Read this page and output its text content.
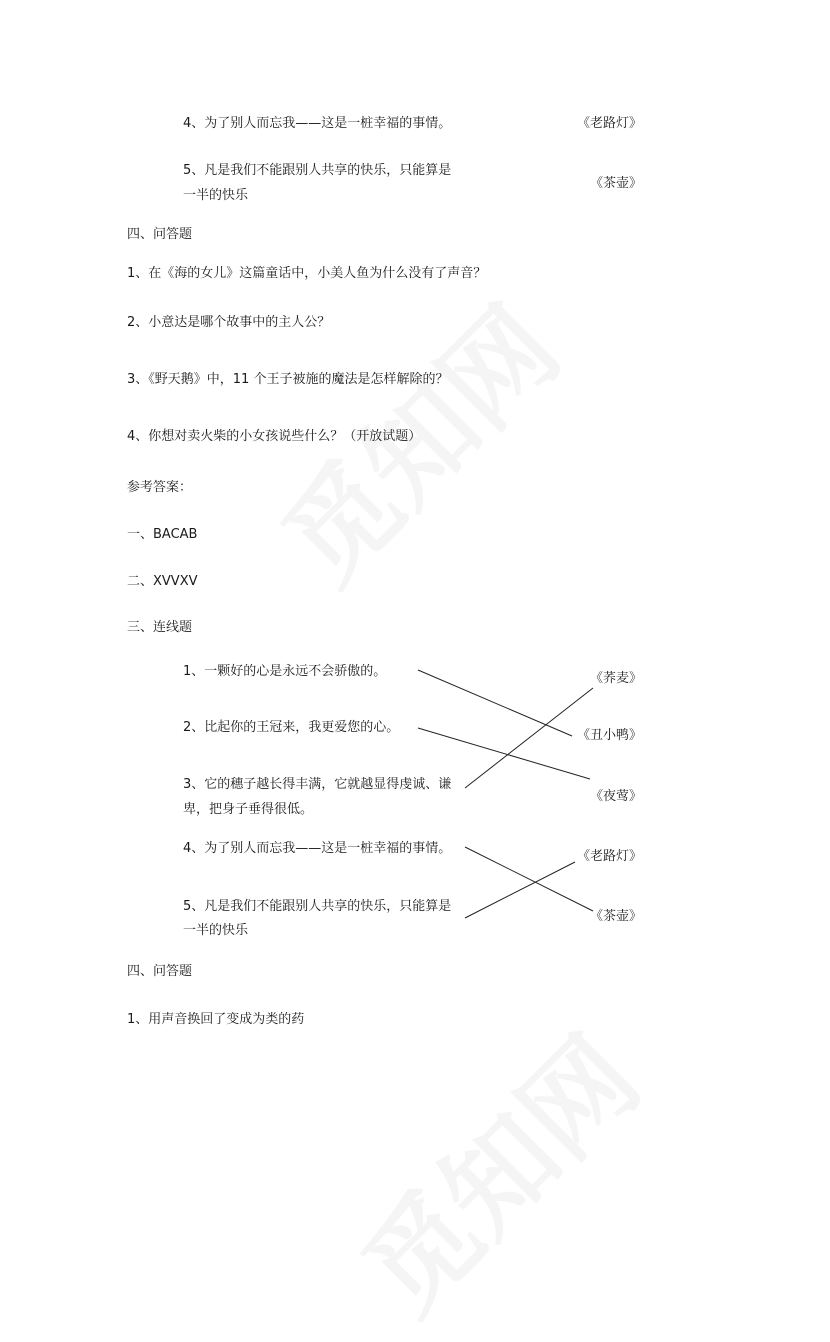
4、为了别人而忘我——这是一桩幸福的事情。	《老路灯》
5、凡是我们不能跟别人共享的快乐，只能算是
一半的快乐
《茶壶》
四、问答题
1、在《海的女儿》这篇童话中，小美人鱼为什么没有了声音？
2、小意达是哪个故事中的主人公？
3、《野天鹅》中，11 个王子被施的魔法是怎样解除的？
4、你想对卖火柴的小女孩说些什么？（开放试题）
参考答案：
一、BACAB
二、XVVXV
三、连线题
1、一颗好的心是永远不会骄傲的。
2、比起你的王冠来，我更爱您的心。
3、它的穗子越长得丰满，它就越显得虔诚、谦
卑，把身子垂得很低。
4、为了别人而忘我——这是一桩幸福的事情。
5、凡是我们不能跟别人共享的快乐，只能算是
一半的快乐
《荞麦》
《丑小鸭》
《夜莺》
《老路灯》
《茶壶》
四、问答题
1、用声音换回了变成为类的药
